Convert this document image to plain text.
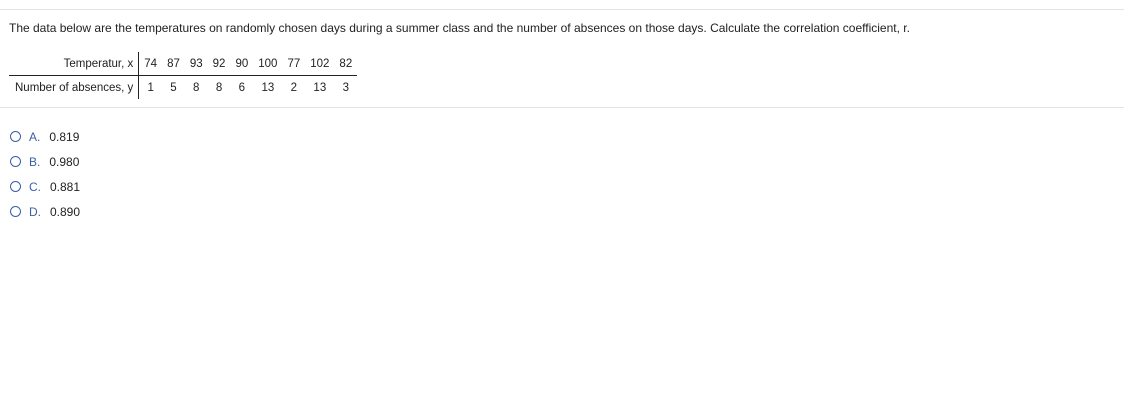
The data below are the temperatures on randomly chosen days during a summer class and the number of absences on those days. Calculate the correlation coefficient, r.
Temperatur, x	74	87	93	92	90	100	77	102	82
Number of absences, y	1	5	8	8	6	13	2	13	3
A. 0.819
B. 0.980
C. 0.881
D. 0.890
